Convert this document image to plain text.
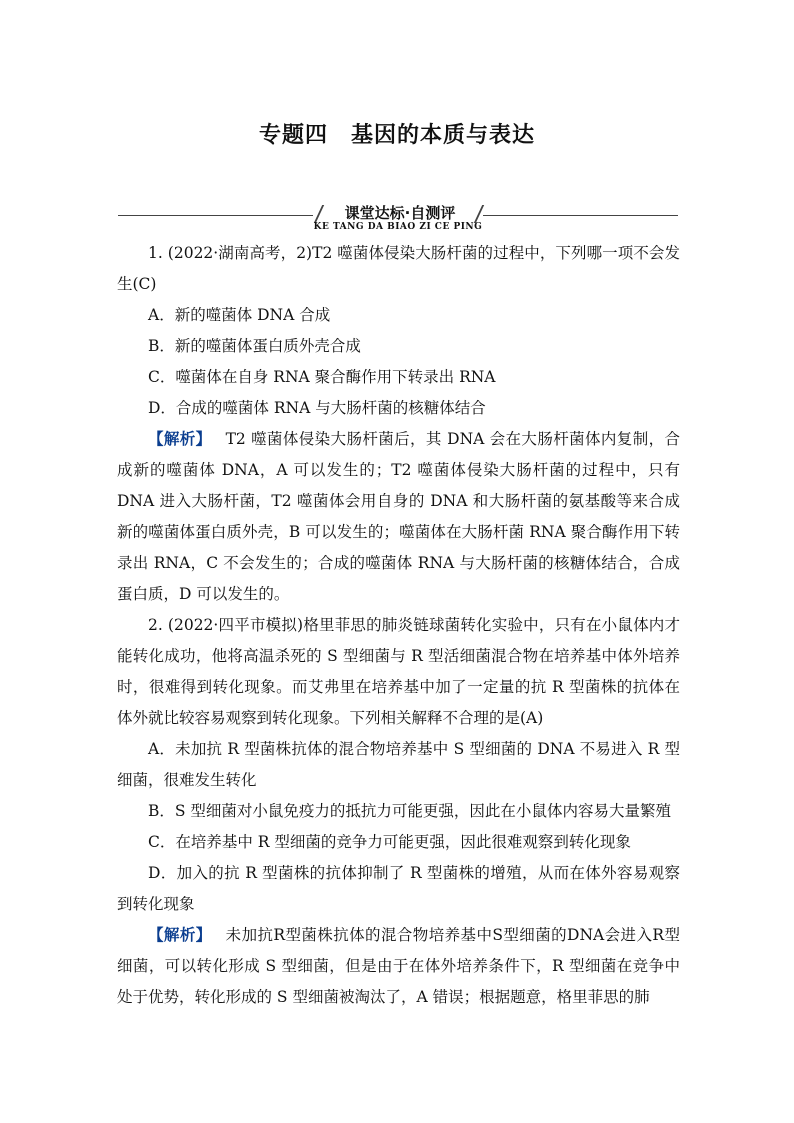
专题四　基因的本质与表达
课堂达标·自测评
KE TANG DA BIAO ZI CE PING

1. (2022·湖南高考，2)T2 噬菌体侵染大肠杆菌的过程中，下列哪一项不会发生(C)

A．新的噬菌体 DNA 合成

B．新的噬菌体蛋白质外壳合成

C．噬菌体在自身 RNA 聚合酶作用下转录出 RNA

D．合成的噬菌体 RNA 与大肠杆菌的核糖体结合

【解析】 T2 噬菌体侵染大肠杆菌后，其 DNA 会在大肠杆菌体内复制，合成新的噬菌体 DNA，A 可以发生的；T2 噬菌体侵染大肠杆菌的过程中，只有 DNA 进入大肠杆菌，T2 噬菌体会用自身的 DNA 和大肠杆菌的氨基酸等来合成新的噬菌体蛋白质外壳，B 可以发生的；噬菌体在大肠杆菌 RNA 聚合酶作用下转录出 RNA，C 不会发生的；合成的噬菌体 RNA 与大肠杆菌的核糖体结合，合成蛋白质，D 可以发生的。

2. (2022·四平市模拟)格里菲思的肺炎链球菌转化实验中，只有在小鼠体内才能转化成功，他将高温杀死的 S 型细菌与 R 型活细菌混合物在培养基中体外培养时，很难得到转化现象。而艾弗里在培养基中加了一定量的抗 R 型菌株的抗体在体外就比较容易观察到转化现象。下列相关解释不合理的是(A)

A．未加抗 R 型菌株抗体的混合物培养基中 S 型细菌的 DNA 不易进入 R 型细菌，很难发生转化

B．S 型细菌对小鼠免疫力的抵抗力可能更强，因此在小鼠体内容易大量繁殖

C．在培养基中 R 型细菌的竞争力可能更强，因此很难观察到转化现象

D．加入的抗 R 型菌株的抗体抑制了 R 型菌株的增殖，从而在体外容易观察到转化现象

【解析】 未加抗R型菌株抗体的混合物培养基中S型细菌的DNA会进入R型细菌，可以转化形成 S 型细菌，但是由于在体外培养条件下，R 型细菌在竞争中处于优势，转化形成的 S 型细菌被淘汰了，A 错误；根据题意，格里菲思的肺
